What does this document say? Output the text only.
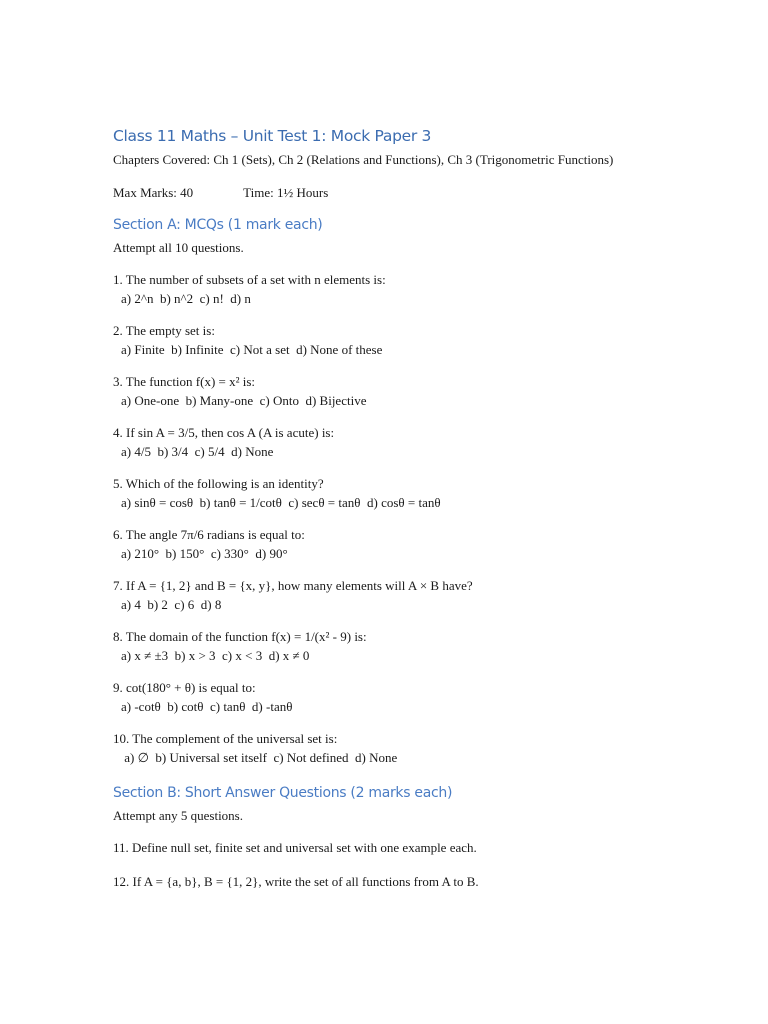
Class 11 Maths – Unit Test 1: Mock Paper 3
Chapters Covered: Ch 1 (Sets), Ch 2 (Relations and Functions), Ch 3 (Trigonometric Functions)
Max Marks: 40	Time: 1½ Hours
Section A: MCQs (1 mark each)
Attempt all 10 questions.
1. The number of subsets of a set with n elements is:
a) 2^n  b) n^2  c) n!  d) n
2. The empty set is:
a) Finite  b) Infinite  c) Not a set  d) None of these
3. The function f(x) = x² is:
a) One-one  b) Many-one  c) Onto  d) Bijective
4. If sin A = 3/5, then cos A (A is acute) is:
a) 4/5  b) 3/4  c) 5/4  d) None
5. Which of the following is an identity?
a) sinθ = cosθ  b) tanθ = 1/cotθ  c) secθ = tanθ  d) cosθ = tanθ
6. The angle 7π/6 radians is equal to:
a) 210°  b) 150°  c) 330°  d) 90°
7. If A = {1, 2} and B = {x, y}, how many elements will A × B have?
a) 4  b) 2  c) 6  d) 8
8. The domain of the function f(x) = 1/(x² - 9) is:
a) x ≠ ±3  b) x > 3  c) x < 3  d) x ≠ 0
9. cot(180° + θ) is equal to:
a) -cotθ  b) cotθ  c) tanθ  d) -tanθ
10. The complement of the universal set is:
a) ∅  b) Universal set itself  c) Not defined  d) None
Section B: Short Answer Questions (2 marks each)
Attempt any 5 questions.
11. Define null set, finite set and universal set with one example each.
12. If A = {a, b}, B = {1, 2}, write the set of all functions from A to B.
